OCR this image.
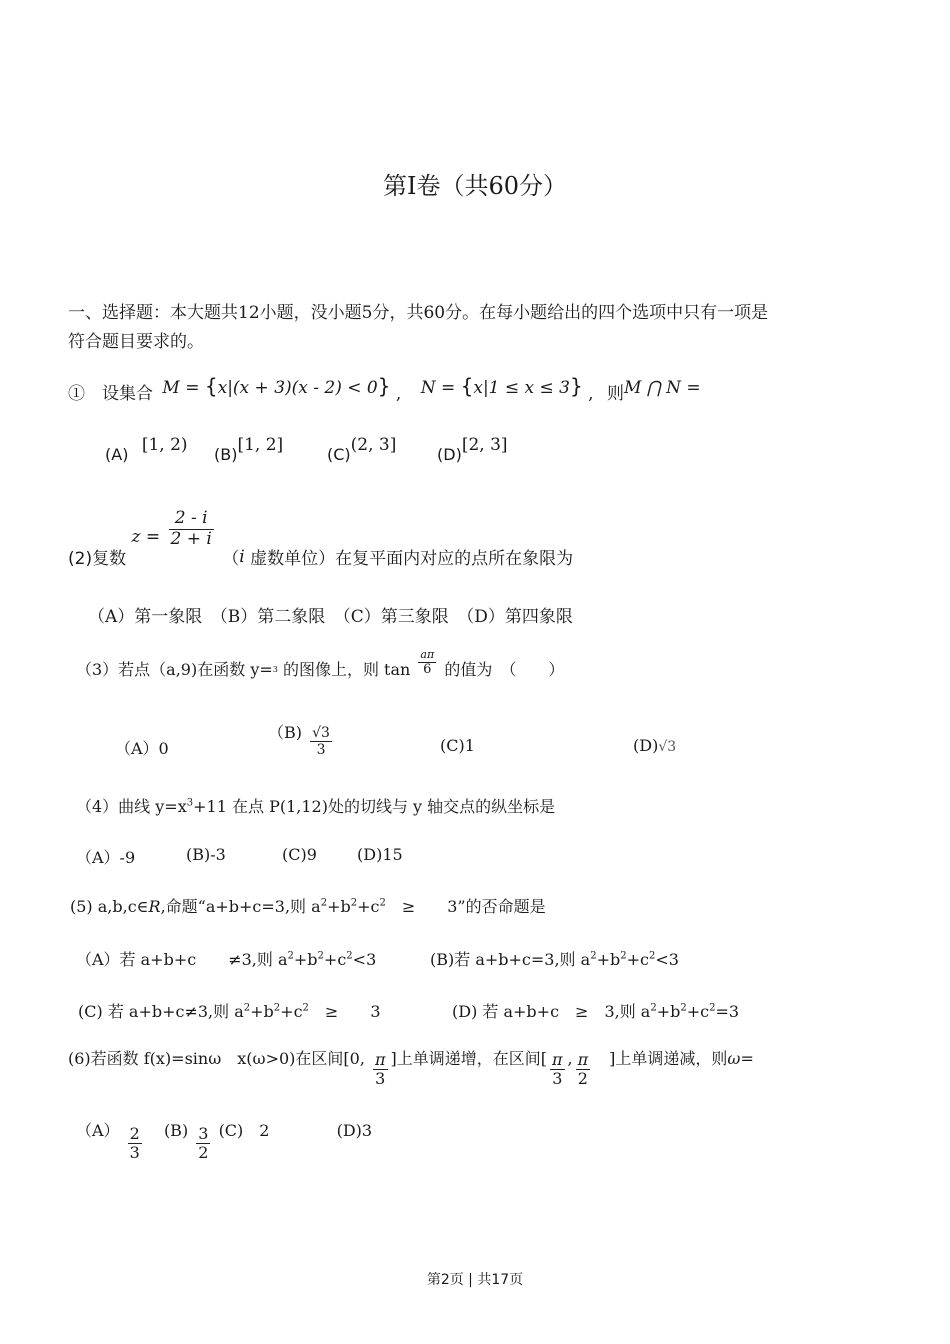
第Ⅰ卷（共60分）
一、选择题：本大题共12小题，没小题5分，共60分。在每小题给出的四个选项中只有一项是
符合题目要求的。
①　设集合 M = {x|(x + 3)(x - 2) < 0} , N = {x|1 ≤ x ≤ 3} , 则M ⋂ N =
(A) [1, 2) (B)[1, 2]	(C)(2, 3]	(D)[2, 3]
(2)复数 $z = \frac{2 - i}{2 + i}$
（i 虚数单位）在复平面内对应的点所在象限为
（A）第一象限　（B）第二象限　（C）第三象限　（D）第四象限
（3）若点（a,9)在函数 $y=_3$ 的图像上，则 $\tan \frac{a\pi}{6}$ 的值为　（　　）
（A）0
$(B) \frac{√3}{3}$	(C)1	(D)√3
（4）曲线 $y=x^3+11$ 在点 P(1,12)处的切线与 y 轴交点的纵坐标是
（A）-9	(B)-3	(C)9	(D)15
(5) a,b,c∈R,命题“a+b+c=3,则 $a^2+b^2+c^2$　≥　　3”的否命题是
（A）若 a+b+c　　≠3,则 $a^2+b^2+c^2<3$	(B)若 a+b+c=3,则 $a^2+b^2+c^2<3$
(C) 若 a+b+c≠3,则 $a^2+b^2+c^2$　≥　　3	(D) 若 a+b+c　≥　3,则 $a^2+b^2+c^2=3$
(6)若函数 f(x)=sinω　x(ω>0)在区间[0, $\frac{\pi}{3}$ ]上单调递增，在区间[ $\frac{\pi}{3}$ , $\frac{\pi}{2}$ 　]上单调递减，则ω=
$(A) \frac{2}{3} (B) \frac{3}{2} (C)$　2	(D)3
第2页 | 共17页
